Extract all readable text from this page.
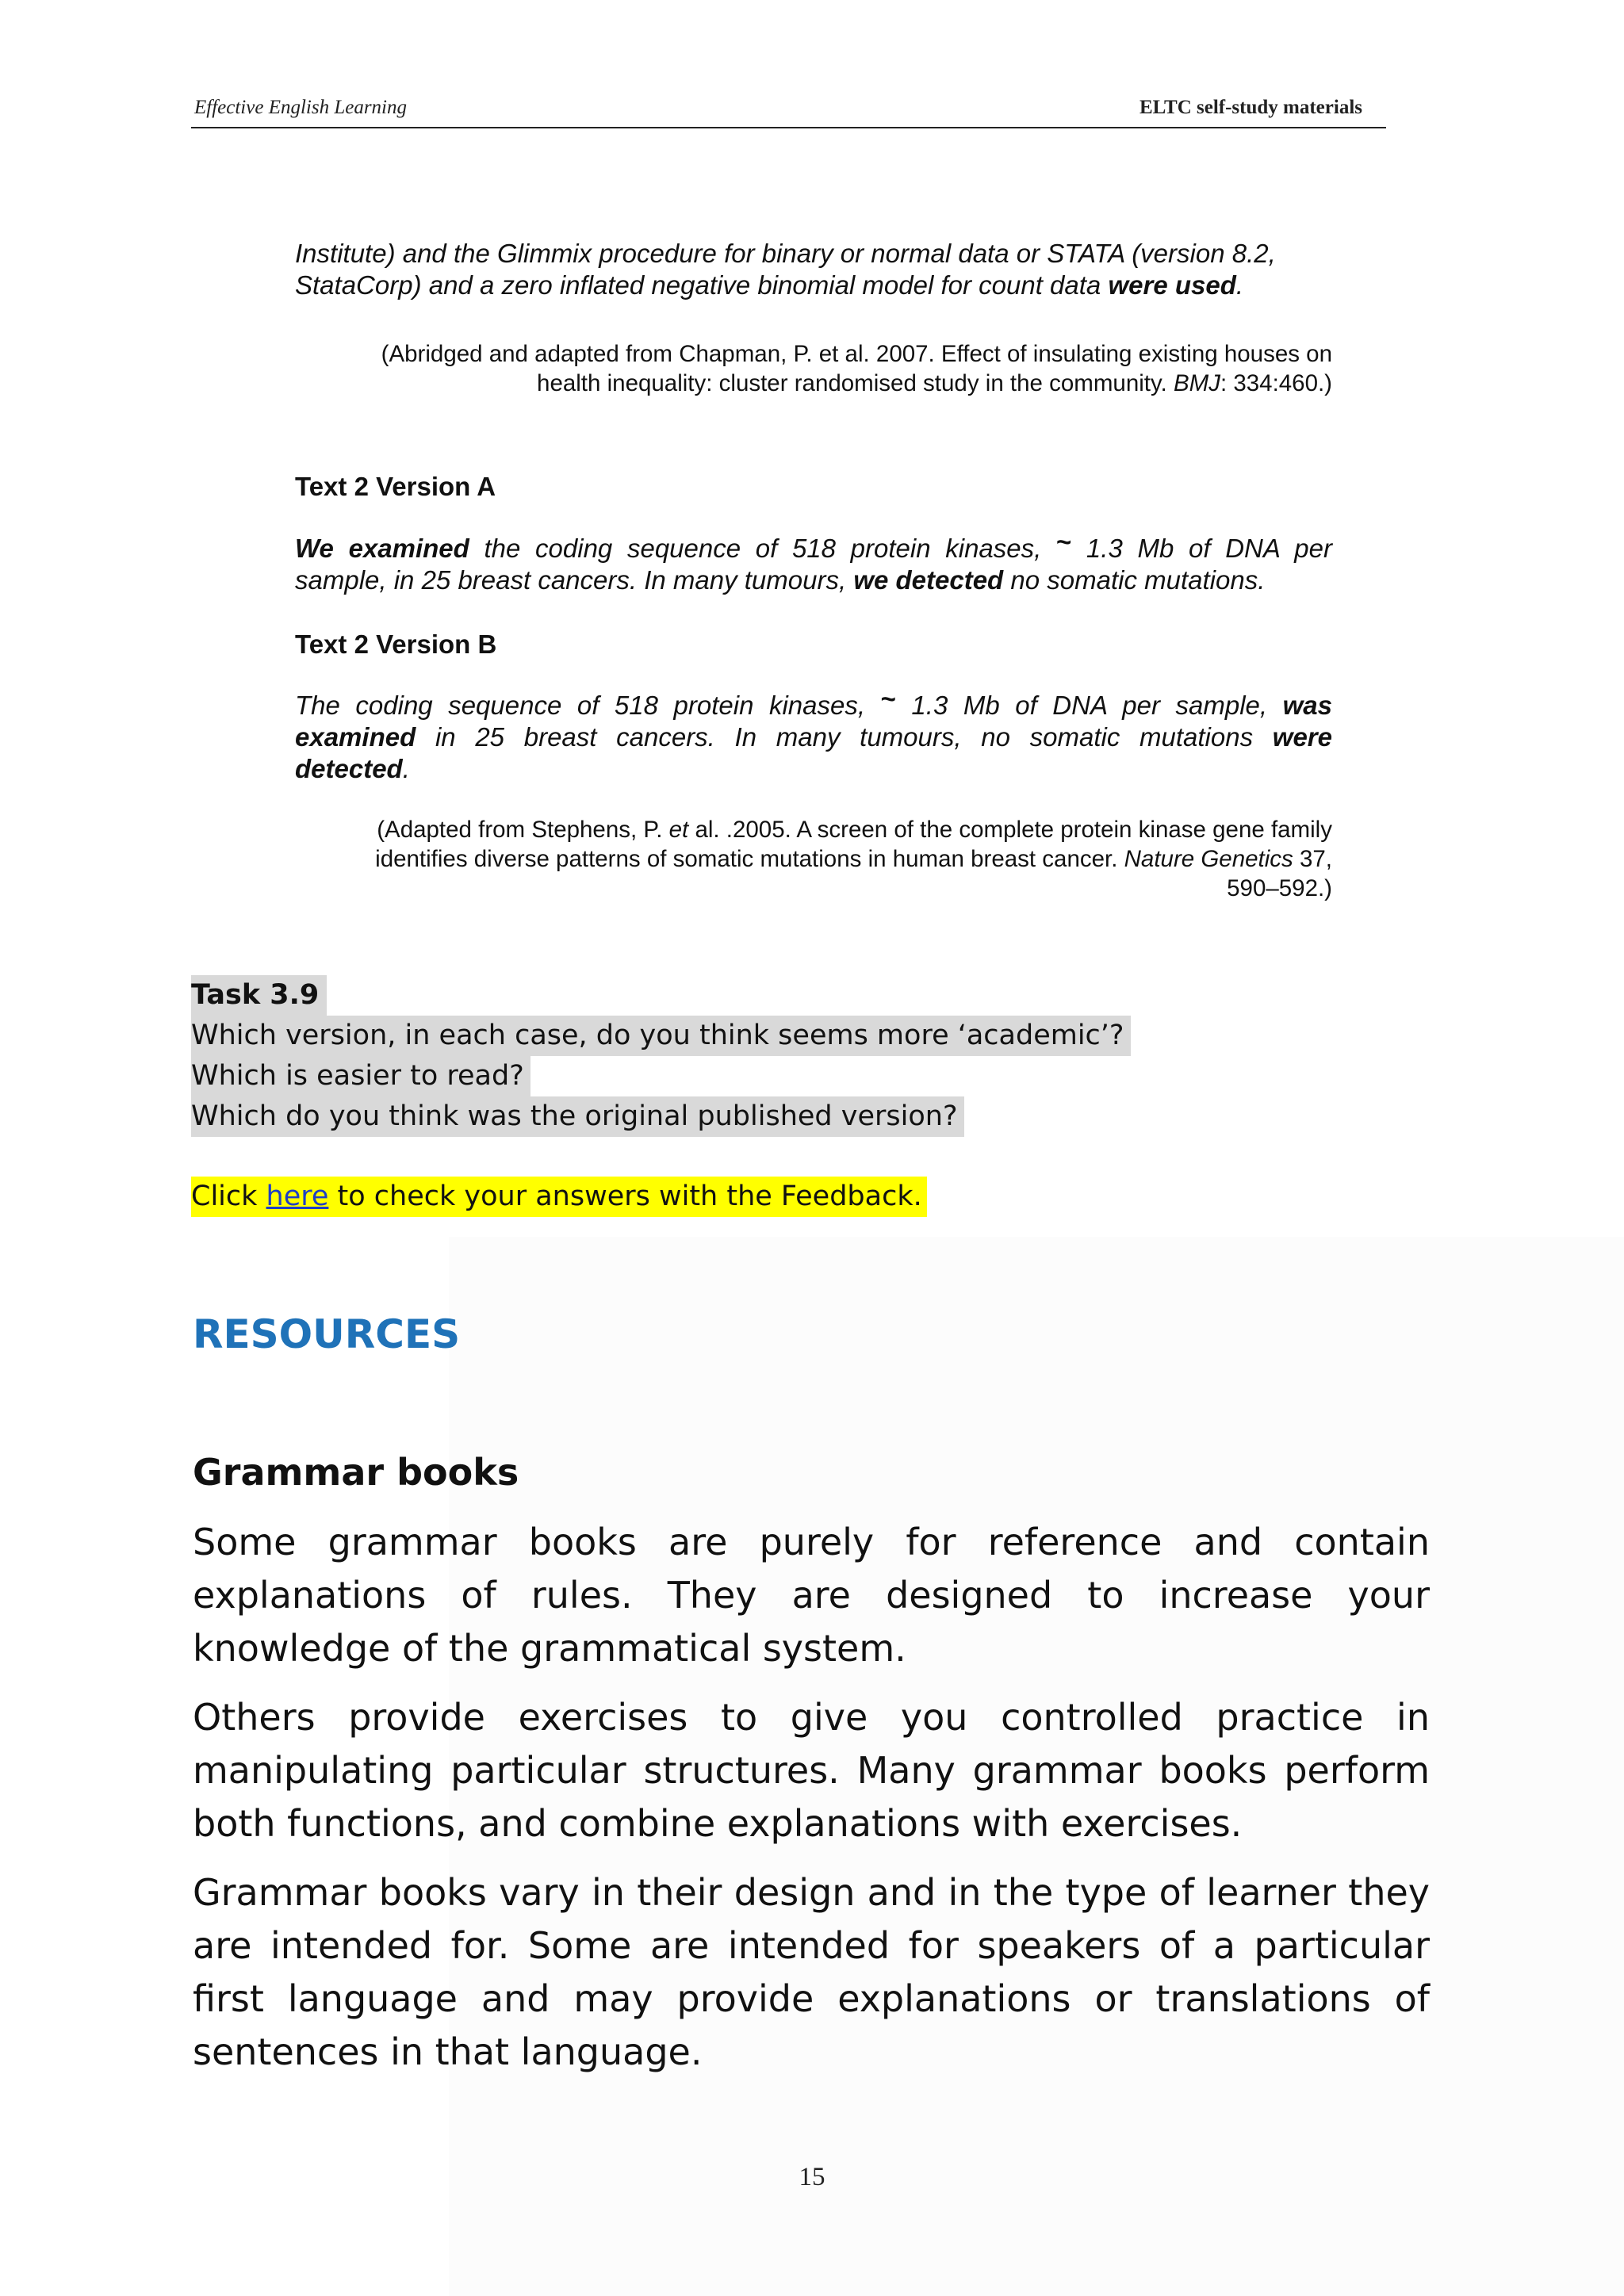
Effective English Learning	ELTC self-study materials

Institute) and the Glimmix procedure for binary or normal data or STATA (version 8.2,

StataCorp) and a zero inflated negative binomial model for count data were used.

(Abridged and adapted from Chapman, P. et al. 2007. Effect of insulating existing houses on

health inequality: cluster randomised study in the community. BMJ: 334:460.)

Text 2 Version A

We examined the coding sequence of 518 protein kinases, ~ 1.3 Mb of DNA per

sample, in 25 breast cancers. In many tumours, we detected no somatic mutations.

Text 2 Version B

The coding sequence of 518 protein kinases, ~ 1.3 Mb of DNA per sample, was

examined in 25 breast cancers. In many tumours, no somatic mutations were

detected.

(Adapted from Stephens, P. et al. .2005. A screen of the complete protein kinase gene family

identifies diverse patterns of somatic mutations in human breast cancer. Nature Genetics 37,

590–592.)

Task 3.9
Which version, in each case, do you think seems more ‘academic’?
Which is easier to read?
Which do you think was the original published version?
Click here to check your answers with the Feedback.
RESOURCES
Grammar books

Some grammar books are purely for reference and contain explanations of rules. They are designed to increase your knowledge of the grammatical system.

Others provide exercises to give you controlled practice in manipulating particular structures. Many grammar books perform both functions, and combine explanations with exercises.

Grammar books vary in their design and in the type of learner they are intended for. Some are intended for speakers of a particular first language and may provide explanations or translations of sentences in that language.

15
